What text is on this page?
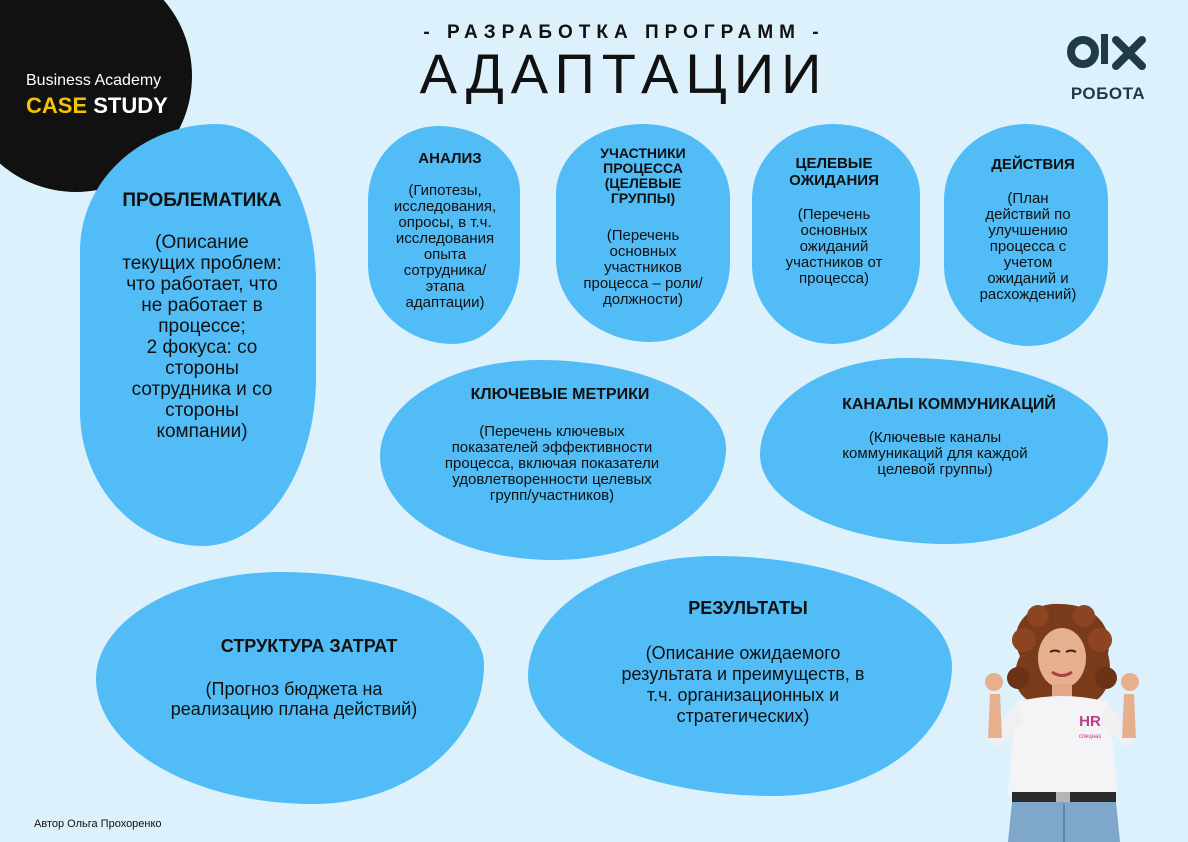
- РАЗРАБОТКА ПРОГРАММ -
АДАПТАЦИИ
Business Academy
CASE STUDY	РОБОТА
ПРОБЛЕМАТИКА
(Описание
текущих проблем:
что работает, что
не работает в
процессе;
2 фокуса: со
стороны
сотрудника и со
стороны
компании)
АНАЛИЗ
(Гипотезы,
исследования,
опросы, в т.ч.
исследования
опыта
сотрудника/
этапа
адаптации)
УЧАСТНИКИ
ПРОЦЕССА
(ЦЕЛЕВЫЕ
ГРУППЫ)
(Перечень
основных
участников
процесса – роли/
должности)
ЦЕЛЕВЫЕ
ОЖИДАНИЯ
(Перечень
основных
ожиданий
участников от
процесса)
ДЕЙСТВИЯ
(План
действий по
улучшению
процесса с
учетом
ожиданий и
расхождений)
КЛЮЧЕВЫЕ МЕТРИКИ
(Перечень ключевых
показателей эффективности
процесса, включая показатели
удовлетворенности целевых
групп/участников)
КАНАЛЫ КОММУНИКАЦИЙ
(Ключевые каналы
коммуникаций для каждой
целевой группы)
СТРУКТУРА ЗАТРАТ
(Прогноз бюджета на
реализацию плана действий)
РЕЗУЛЬТАТЫ
(Описание ожидаемого
результата и преимуществ, в
т.ч. организационных и
стратегических)	HR
спецназ
Автор Ольга Прохоренко
